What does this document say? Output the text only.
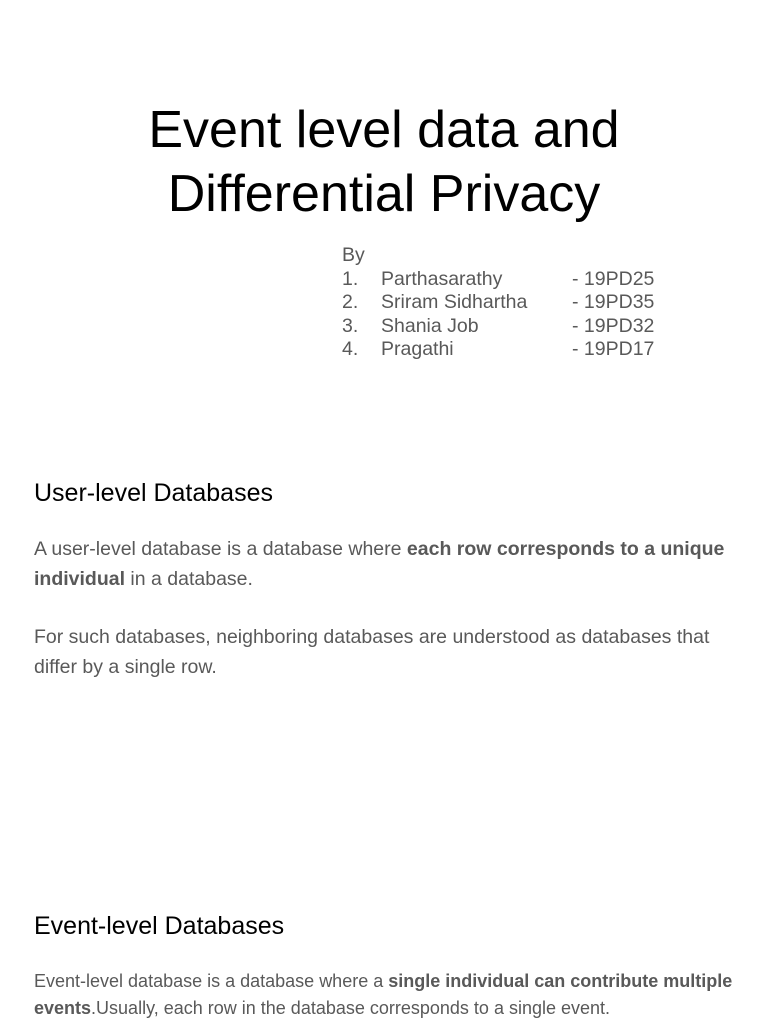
Event level data and
Differential Privacy
By
1. Parthasarathy	- 19PD25
2. Sriram Sidhartha - 19PD35
3. Shania Job	- 19PD32
4. Pragathi	- 19PD17
User-level Databases

A user-level database is a database where each row corresponds to a unique individual in a database.

For such databases, neighboring databases are understood as databases that differ by a single row.

Event-level Databases

Event-level database is a database where a single individual can contribute multiple events.Usually, each row in the database corresponds to a single event.
